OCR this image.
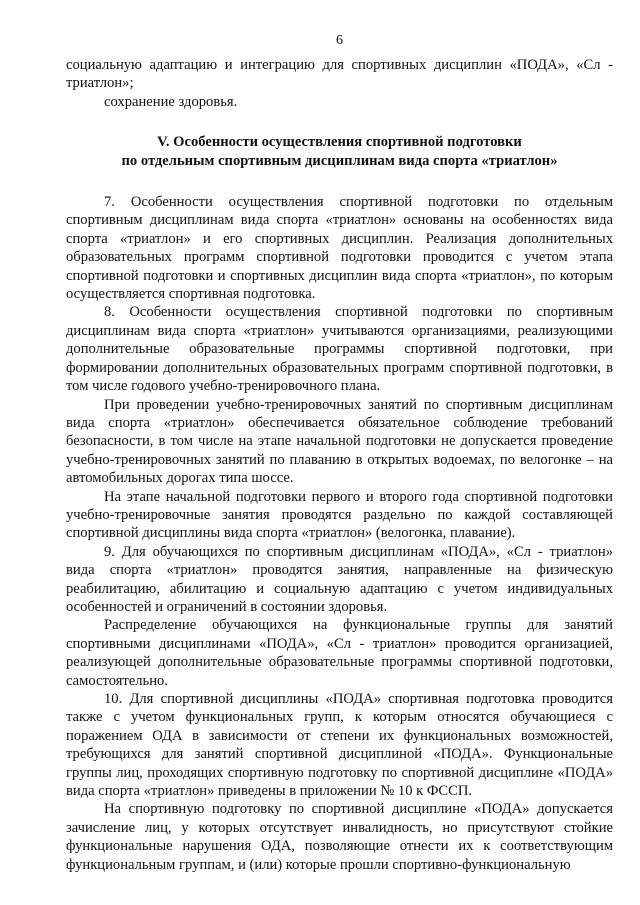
6

социальную адаптацию и интеграцию для спортивных дисциплин «ПОДА», «Сл - триатлон»;

сохранение здоровья.

V. Особенности осуществления спортивной подготовки
по отдельным спортивным дисциплинам вида спорта «триатлон»

7. Особенности осуществления спортивной подготовки по отдельным спортивным дисциплинам вида спорта «триатлон» основаны на особенностях вида спорта «триатлон» и его спортивных дисциплин. Реализация дополнительных образовательных программ спортивной подготовки проводится с учетом этапа спортивной подготовки и спортивных дисциплин вида спорта «триатлон», по которым осуществляется спортивная подготовка.

8. Особенности осуществления спортивной подготовки по спортивным дисциплинам вида спорта «триатлон» учитываются организациями, реализующими дополнительные образовательные программы спортивной подготовки, при формировании дополнительных образовательных программ спортивной подготовки, в том числе годового учебно-тренировочного плана.

При проведении учебно-тренировочных занятий по спортивным дисциплинам вида спорта «триатлон» обеспечивается обязательное соблюдение требований безопасности, в том числе на этапе начальной подготовки не допускается проведение учебно-тренировочных занятий по плаванию в открытых водоемах, по велогонке – на автомобильных дорогах типа шоссе.

На этапе начальной подготовки первого и второго года спортивной подготовки учебно-тренировочные занятия проводятся раздельно по каждой составляющей спортивной дисциплины вида спорта «триатлон» (велогонка, плавание).

9. Для обучающихся по спортивным дисциплинам «ПОДА», «Сл - триатлон» вида спорта «триатлон» проводятся занятия, направленные на физическую реабилитацию, абилитацию и социальную адаптацию с учетом индивидуальных особенностей и ограничений в состоянии здоровья.

Распределение обучающихся на функциональные группы для занятий спортивными дисциплинами «ПОДА», «Сл - триатлон» проводится организацией, реализующей дополнительные образовательные программы спортивной подготовки, самостоятельно.

10. Для спортивной дисциплины «ПОДА» спортивная подготовка проводится также с учетом функциональных групп, к которым относятся обучающиеся с поражением ОДА в зависимости от степени их функциональных возможностей, требующихся для занятий спортивной дисциплиной «ПОДА». Функциональные группы лиц, проходящих спортивную подготовку по спортивной дисциплине «ПОДА» вида спорта «триатлон» приведены в приложении № 10 к ФССП.

На спортивную подготовку по спортивной дисциплине «ПОДА» допускается зачисление лиц, у которых отсутствует инвалидность, но присутствуют стойкие функциональные нарушения ОДА, позволяющие отнести их к соответствующим функциональным группам, и (или) которые прошли спортивно-функциональную
